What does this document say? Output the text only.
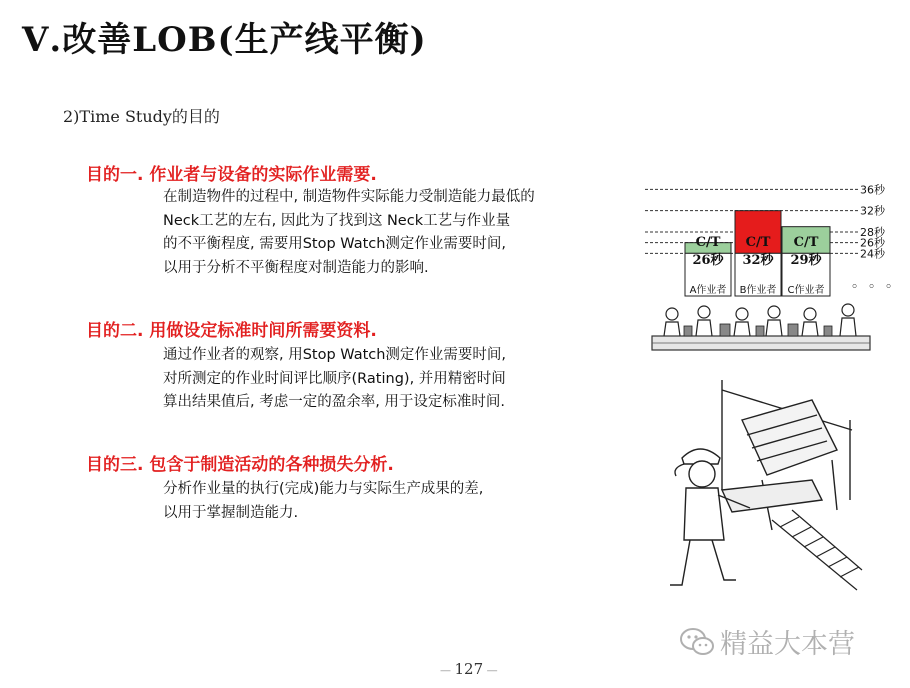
Ⅴ.改善LOB(生产线平衡)
2)Time Study的目的
目的一. 作业者与设备的实际作业需要.
在制造物件的过程中, 制造物件实际能力受制造能力最低的
Neck工艺的左右, 因此为了找到这 Neck工艺与作业量
的不平衡程度, 需要用Stop Watch测定作业需要时间,
以用于分析不平衡程度对制造能力的影响.
目的二. 用做设定标准时间所需要资料.
通过作业者的观察, 用Stop Watch测定作业需要时间,
对所测定的作业时间评比顺序(Rating), 并用精密时间
算出结果值后, 考虑一定的盈余率, 用于设定标准时间.
目的三. 包含于制造活动的各种损失分析.
分析作业量的执行(完成)能力与实际生产成果的差,
以用于掌握制造能力.
36秒
32秒
28秒
26秒
24秒
C/T
26秒
A作业者
C/T
32秒
B作业者
C/T
29秒
C作业者 。。。
精益大本营
— 127 —
